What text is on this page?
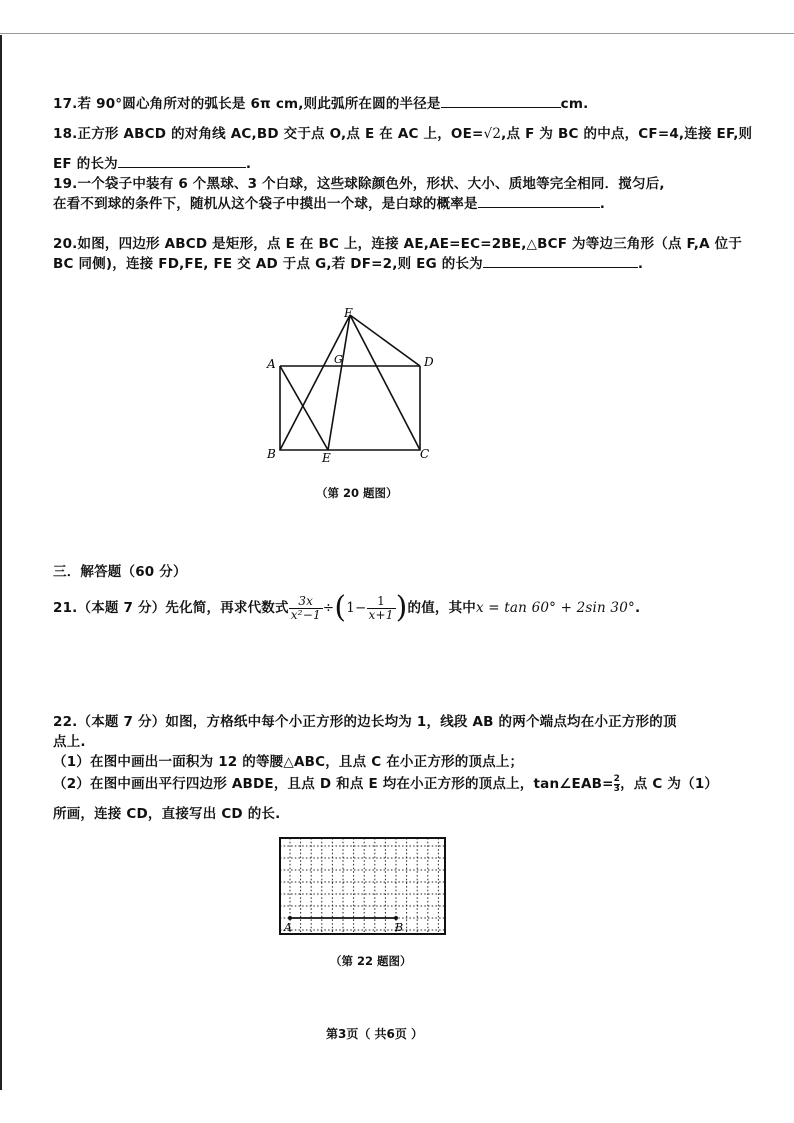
17.若 90°圆心角所对的弧长是 6π cm,则此弧所在圆的半径是	cm.
18.正方形 ABCD 的对角线 AC,BD 交于点 O,点 E 在 AC 上，OE=√2,点 F 为 BC 的中点，CF=4,连接 EF,则
EF 的长为	.
19.一个袋子中装有 6 个黑球、3 个白球，这些球除颜色外，形状、大小、质地等完全相同．搅匀后,
在看不到球的条件下，随机从这个袋子中摸出一个球，是白球的概率是	.
20.如图，四边形 ABCD 是矩形，点 E 在 BC 上，连接 AE,AE=EC=2BE,△BCF 为等边三角形（点 F,A 位于
BC 同侧)，连接 FD,FE, FE 交 AD 于点 G,若 DF=2,则 EG 的长为	.
A
B	C
D
E
F
G
（第 20 题图）
三．解答题（60 分）
21.（本题 7 分）先化简，再求代数式 $\frac{3x}{\text{x²−1}} \div(1- \frac{1}{x+1}$ )的值，其中x = tan 60° + 2sin 30°.
22.（本题 7 分）如图，方格纸中每个小正方形的边长均为 1，线段 AB 的两个端点均在小正方形的顶
点上.
（1）在图中画出一面积为 12 的等腰△ABC，且点 C 在小正方形的顶点上；
（2）在图中画出平行四边形 ABDE，且点 D 和点 E 均在小正方形的顶点上，tan∠EAB= $\frac{2}{3}$ ，点 C 为（1）
所画，连接 CD，直接写出 CD 的长.
A	B
（第 22 题图）
第3页（ 共6页 ）
